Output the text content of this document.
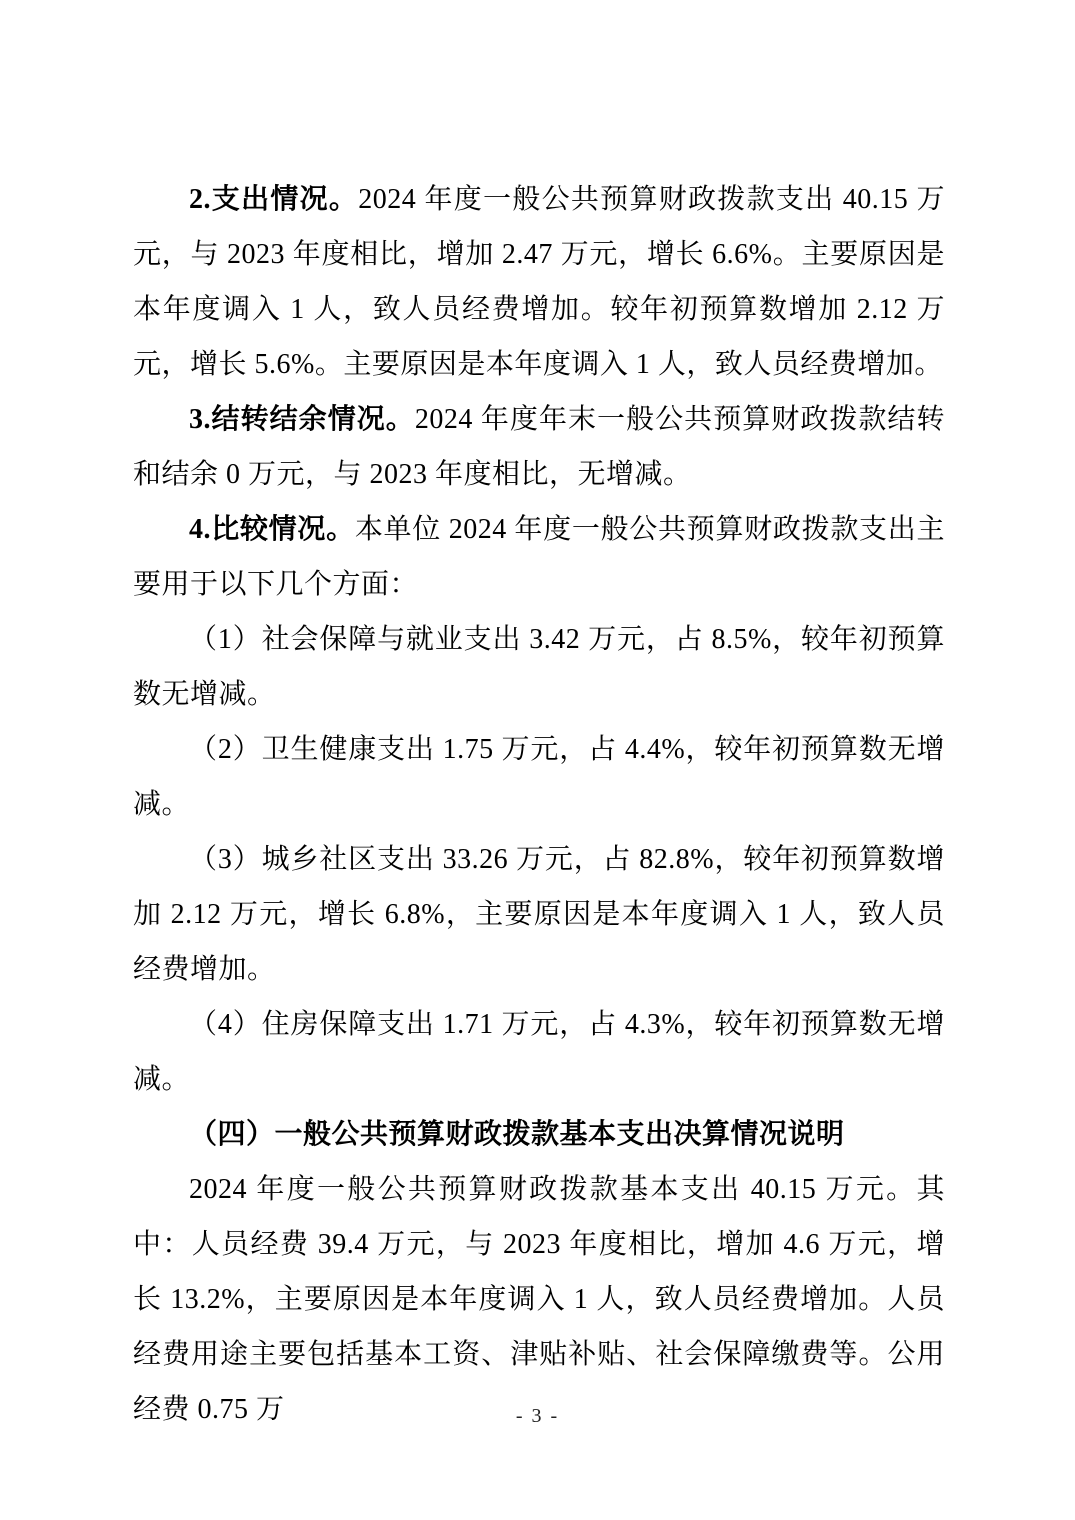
2.支出情况。2024 年度一般公共预算财政拨款支出 40.15 万元，与 2023 年度相比，增加 2.47 万元，增长 6.6%。主要原因是本年度调入 1 人，致人员经费增加。较年初预算数增加 2.12 万元，增长 5.6%。主要原因是本年度调入 1 人，致人员经费增加。

3.结转结余情况。2024 年度年末一般公共预算财政拨款结转和结余 0 万元，与 2023 年度相比，无增减。

4.比较情况。本单位 2024 年度一般公共预算财政拨款支出主要用于以下几个方面：

（1）社会保障与就业支出 3.42 万元，占 8.5%，较年初预算数无增减。

（2）卫生健康支出 1.75 万元，占 4.4%，较年初预算数无增减。

（3）城乡社区支出 33.26 万元，占 82.8%，较年初预算数增加 2.12 万元，增长 6.8%，主要原因是本年度调入 1 人，致人员经费增加。

（4）住房保障支出 1.71 万元，占 4.3%，较年初预算数无增减。

（四）一般公共预算财政拨款基本支出决算情况说明

2024 年度一般公共预算财政拨款基本支出 40.15 万元。其中：人员经费 39.4 万元，与 2023 年度相比，增加 4.6 万元，增长 13.2%，主要原因是本年度调入 1 人，致人员经费增加。人员经费用途主要包括基本工资、津贴补贴、社会保障缴费等。公用经费 0.75 万	- 3 -
